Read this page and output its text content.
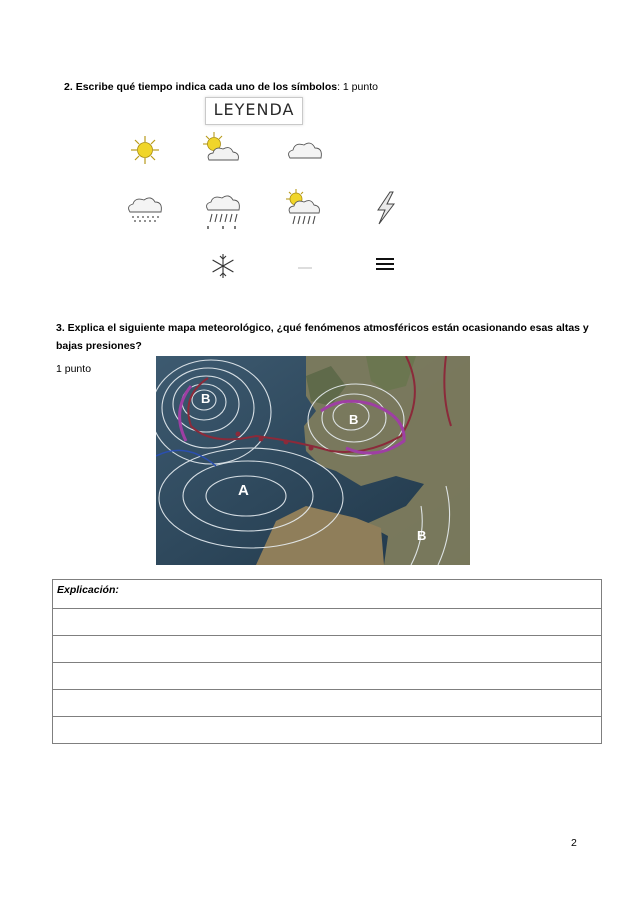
2. Escribe qué tiempo indica cada uno de los símbolos: 1 punto
LEYENDA
3. Explica el siguiente mapa meteorológico, ¿qué fenómenos atmosféricos están ocasionando esas altas y bajas presiones?
1 punto
B
B
A
B
Explicación:

2
